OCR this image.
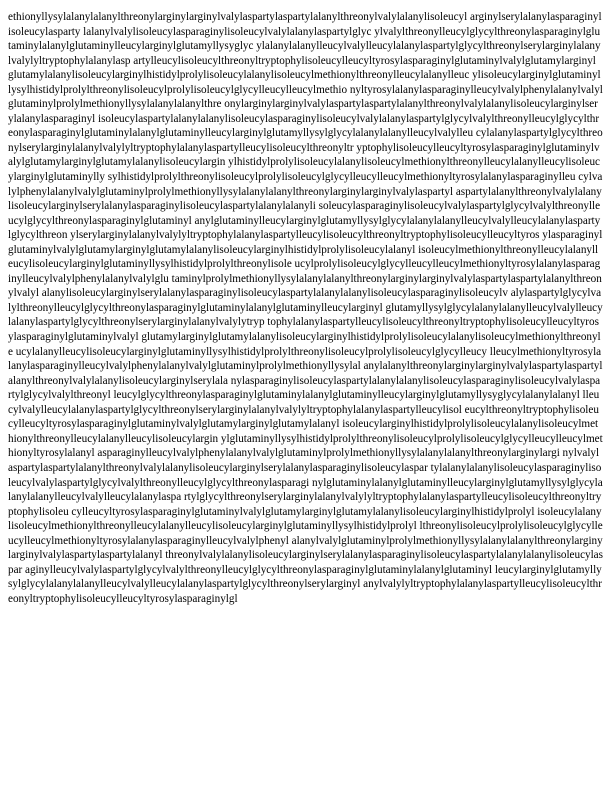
ethionyllysylalanylalanylthreonylarginylarginylvalylaspartylaspartylalanylthreonylvalylalanylisoleucyl arginylserylalanylasparaginylisoleucylasparty lalanylvalylisoleucylasparaginylisoleucylvalylalanylaspartylglyc ylvalylthreonylleucylglycylthreonylasparaginylglutaminylalanylglutaminylleucylarginylglutamyllysyglyc ylalanylalanylleucylvalylleucylalanylaspartylglycylthreonylserylarginylalanylvalylyltryptophylalanylasp artylleucylisoleucylthreonyltryptophylisoleucylleucyltyrosylasparaginylglutaminylvalylglutamylarginyl glutamylalanylisoleucylarginylhistidylprolylisoleucylalanylisoleucylmethionylthreonylleucylalanylleuc ylisoleucylarginylglutaminyllysylhistidylprolylthreonylisoleucylprolylisoleucylglycylleucylleucylmethio nyltyrosylalanylasparaginylleucylvalylphenylalanylvalylglutaminylprolylmethionyllysylalanylalanylthre onylarginylarginylvalylaspartylaspartylalanylthreonylvalylalanylisoleucylarginylserylalanylasparaginyl isoleucylaspartylalanylalanylisoleucylasparaginylisoleucylvalylalanylaspartylglycylvalylthreonylleucylglycylthr eonylasparaginylglutaminylalanylglutaminylleucylarginylglutamyllysylglycylalanylalanylleucylvalylleu cylalanylaspartylglycylthreonylserylarginylalanylvalylyltryptophylalanylaspartylleucylisoleucylthreonyltr yptophylisoleucylleucyltyrosylasparaginylglutaminylvalylglutamylarginylglutamylalanylisoleucylargin ylhistidylprolylisoleucylalanylisoleucylmethionylthreonylleucylalanylleucylisoleucylarginylglutaminylly sylhistidylprolylthreonylisoleucylprolylisoleucylglycylleucylleucylmethionyltyrosylalanylasparaginylleu cylvalylphenylalanylvalylglutaminylprolylmethionyllysylalanylalanylthreonylarginylarginylvalylaspartyl aspartylalanylthreonylvalylalanylisoleucylarginylserylalanylasparaginylisoleucylaspartylalanylalanyli soleucylasparaginylisoleucylvalylaspartylglycylvalylthreonylleucylglycylthreonylasparaginylglutaminyl anylglutaminylleucylarginylglutamyllysylglycylalanylalanylleucylvalylleucylalanylaspartylglycylthreon ylserylarginylalanylvalylyltryptophylalanylaspartylleucylisoleucylthreonyltryptophylisoleucylleucyltyros ylasparaginylglutaminylvalylglutamylarginylglutamylalanylisoleucylarginylhistidylprolylisoleucylalanyl isoleucylmethionylthreonylleucylalanylleucylisoleucylarginylglutaminyllysylhistidylprolylthreonylisole ucylprolylisoleucylglycylleucylleucylmethionyltyrosylalanylasparaginylleucylvalylphenylalanylvalylglu taminylprolylmethionyllysylalanylalanylthreonylarginylarginylvalylaspartylaspartylalanylthreonylvalyl alanylisoleucylarginylserylalanylasparaginylisoleucylaspartylalanylalanylisoleucylasparaginylisoleucylv alylaspartylglycylvalylthreonylleucylglycylthreonylasparaginylglutaminylalanylglutaminylleucylarginyl glutamyllysylglycylalanylalanylleucylvalylleucylalanylaspartylglycylthreonylserylarginylalanylvalylytryp tophylalanylaspartylleucylisoleucylthreonyltryptophylisoleucylleucyltyrosylasparaginylglutaminylvalyl glutamylarginylglutamylalanylisoleucylarginylhistidylprolylisoleucylalanylisoleucylmethionylthreonyle ucylalanylleucylisoleucylarginylglutaminyllysylhistidylprolylthreonylisoleucylprolylisoleucylglycylleucy lleucylmethionyltyrosylalanylasparaginylleucylvalylphenylalanylvalylglutaminylprolylmethionyllysylal anylalanylthreonylarginylarginylvalylaspartylaspartylalanylthreonylvalylalanylisoleucylarginylserylala nylasparaginylisoleucylaspartylalanylalanylisoleucylasparaginylisoleucylvalylaspartylglycylvalylthreonyl leucylglycylthreonylasparaginylglutaminylalanylglutaminylleucylarginylglutamyllysyglycylalanylalanyl lleucylvalylleucylalanylaspartylglycylthreonylserylarginylalanylvalylyltryptophylalanylaspartylleucylisol eucylthreonyltryptophylisoleucylleucyltyrosylasparaginylglutaminylvalylglutamylarginylglutamylalanyl isoleucylarginylhistidylprolylisoleucylalanylisoleucylmethionylthreonylleucylalanylleucylisoleucylargin ylglutaminyllysylhistidylprolylthreonylisoleucylprolylisoleucylglycylleucylleucylmethionyltyrosylalanyl asparaginylleucylvalylphenylalanylvalylglutaminylprolylmethionyllysylalanylalanylthreonylarginylargi nylvalylaspartylaspartylalanylthreonylvalylalanylisoleucylarginylserylalanylasparaginylisoleucylaspar tylalanylalanylisoleucylasparaginylisoleucylvalylaspartylglycylvalylthreonylleucylglycylthreonylasparagi nylglutaminylalanylglutaminylleucylarginylglutamyllysylglycylalanylalanylleucylvalylleucylalanylaspa rtylglycylthreonylserylarginylalanylvalylyltryptophylalanylaspartylleucylisoleucylthreonyltryptophylisoleu cylleucyltyrosylasparaginylglutaminylvalylglutamylarginylglutamylalanylisoleucylarginylhistidylprolyl isoleucylalanylisoleucylmethionylthreonylleucylalanylleucylisoleucylarginylglutaminyllysylhistidylprolyl lthreonylisoleucylprolylisoleucylglycylleucylleucylmethionyltyrosylalanylasparaginylleucylvalylphenyl alanylvalylglutaminylprolylmethionyllysylalanylalanylthreonylarginylarginylvalylaspartylaspartylalanyl threonylvalylalanylisoleucylarginylserylalanylasparaginylisoleucylaspartylalanylalanylisoleucylaspar aginylleucylvalylaspartylglycylvalylthreonylleucylglycylthreonylasparaginylglutaminylalanylglutaminyl leucylarginylglutamyllysylglycylalanylalanylleucylvalylleucylalanylaspartylglycylthreonylserylarginyl anylvalylyltryptophylalanylaspartylleucylisoleucylthreonyltryptophylisoleucylleucyltyrosylasparaginylgl
